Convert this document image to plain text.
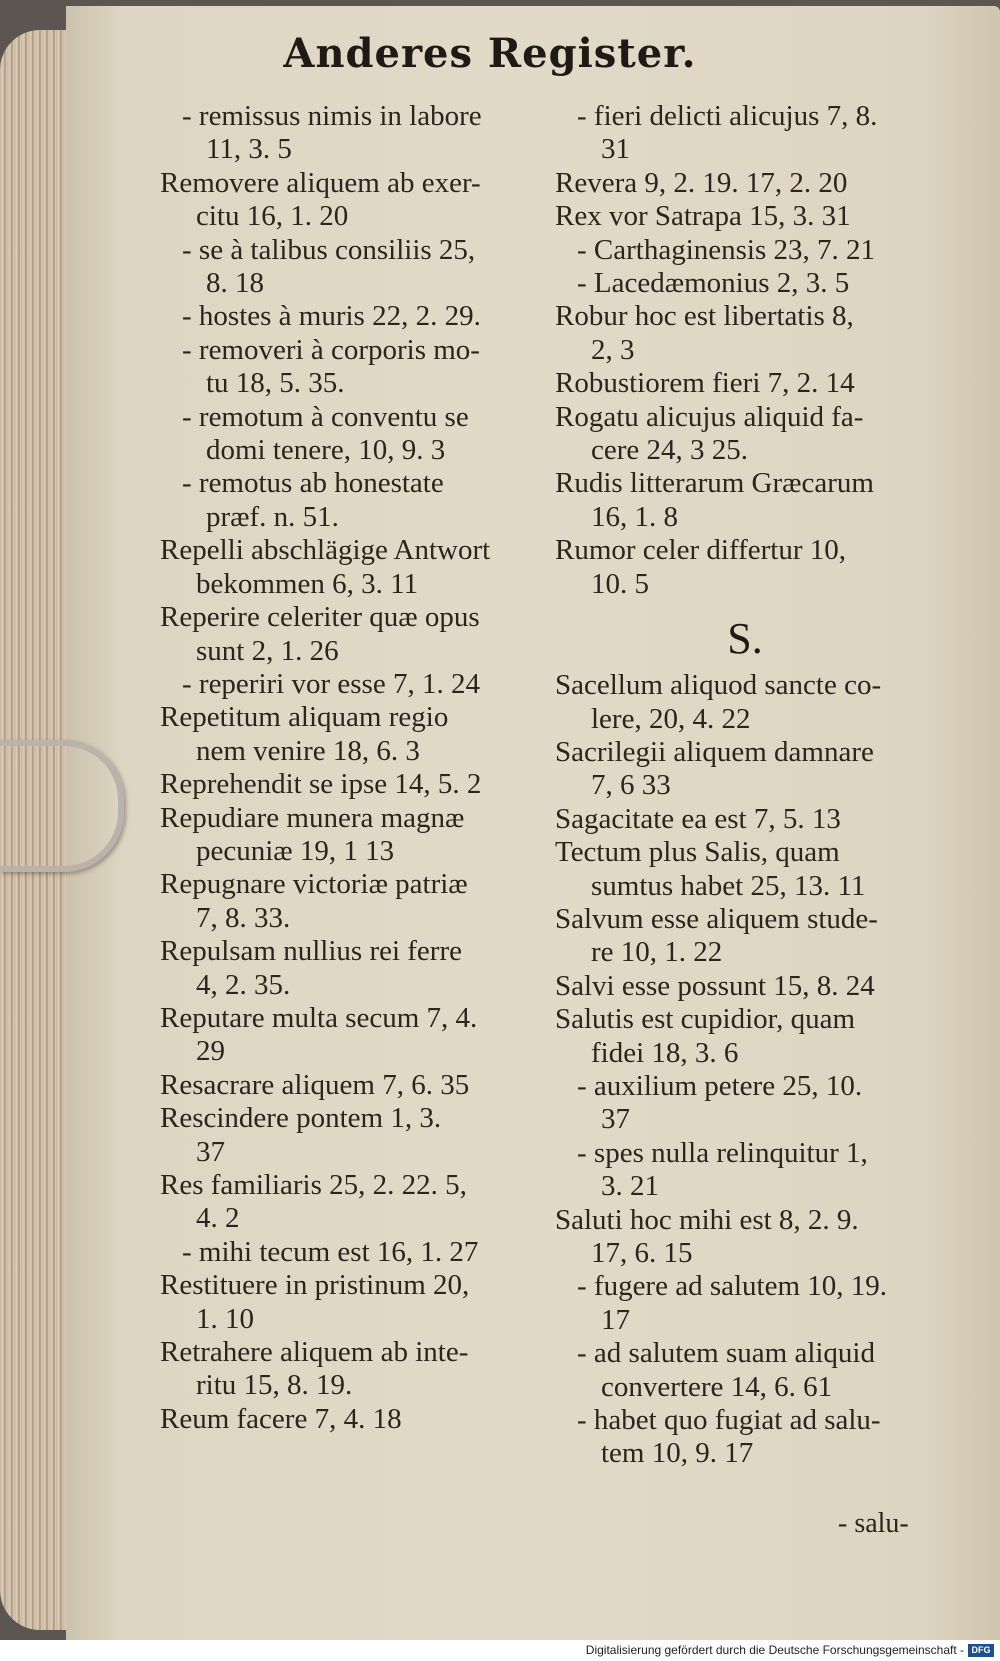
Anderes Register.
- remissus nimis in labore
11, 3. 5
Removere aliquem ab exer-
citu 16, 1. 20
- se à talibus consiliis 25,
8. 18
- hostes à muris 22, 2. 29.
- removeri à corporis mo-
tu 18, 5. 35.
- remotum à conventu se
domi tenere, 10, 9. 3
- remotus ab honestate
præf. n. 51.
Repelli abschlägige Antwort
bekommen 6, 3. 11
Reperire celeriter quæ opus
sunt 2, 1. 26
- reperiri vor esse 7, 1. 24
Repetitum aliquam regio
nem venire 18, 6. 3
Reprehendit se ipse 14, 5. 2
Repudiare munera magnæ
pecuniæ 19, 1 13
Repugnare victoriæ patriæ
7, 8. 33.
Repulsam nullius rei ferre
4, 2. 35.
Reputare multa secum 7, 4.
29
Resacrare aliquem 7, 6. 35
Rescindere pontem 1, 3.
37
Res familiaris 25, 2. 22. 5,
4. 2
- mihi tecum est 16, 1. 27
Restituere in pristinum 20,
1. 10
Retrahere aliquem ab inte-
ritu 15, 8. 19.
Reum facere 7, 4. 18
- fieri delicti alicujus 7, 8.
31
Revera 9, 2. 19. 17, 2. 20
Rex vor Satrapa 15, 3. 31
- Carthaginensis 23, 7. 21
- Lacedæmonius 2, 3. 5
Robur hoc est libertatis 8,
2, 3
Robustiorem fieri 7, 2. 14
Rogatu alicujus aliquid fa-
cere 24, 3 25.
Rudis litterarum Græcarum
16, 1. 8
Rumor celer differtur 10,
10. 5
S.
Sacellum aliquod sancte co-
lere, 20, 4. 22
Sacrilegii aliquem damnare
7, 6 33
Sagacitate ea est 7, 5. 13
Tectum plus Salis, quam
sumtus habet 25, 13. 11
Salvum esse aliquem stude-
re 10, 1. 22
Salvi esse possunt 15, 8. 24
Salutis est cupidior, quam
fidei 18, 3. 6
- auxilium petere 25, 10.
37
- spes nulla relinquitur 1,
3. 21
Saluti hoc mihi est 8, 2. 9.
17, 6. 15
- fugere ad salutem 10, 19.
17
- ad salutem suam aliquid
convertere 14, 6. 61
- habet quo fugiat ad salu-
tem 10, 9. 17
- salu-
Digitalisierung gefördert durch die Deutsche Forschungsgemeinschaft - DFG
